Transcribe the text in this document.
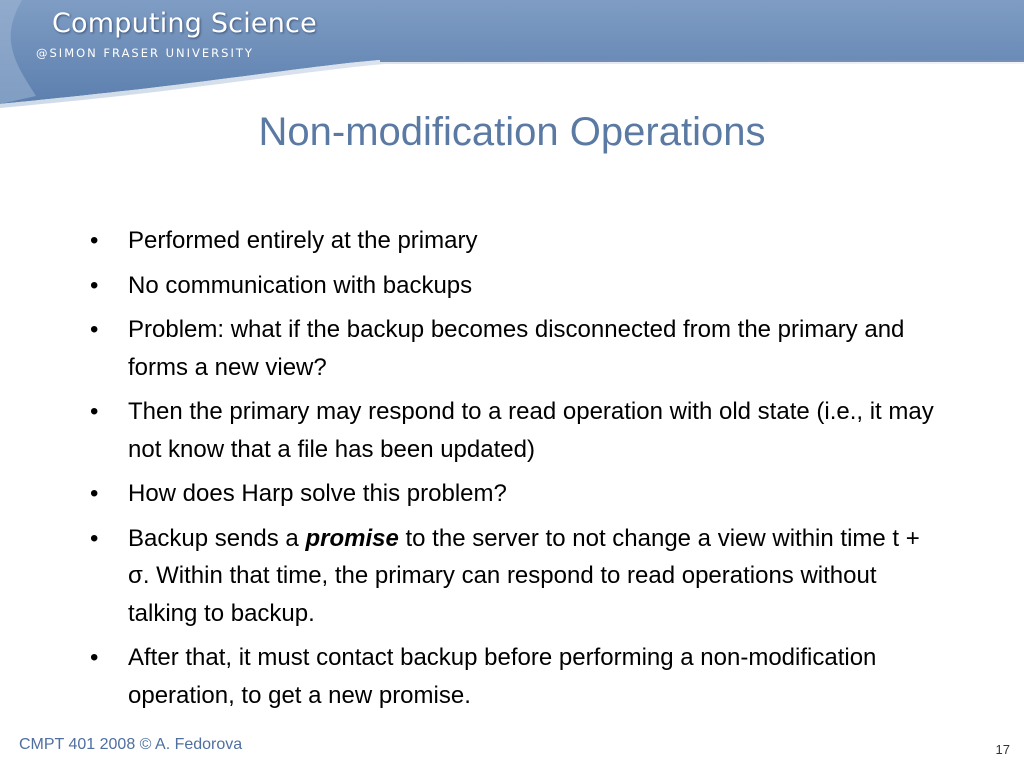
Computing Science
@SIMON FRASER UNIVERSITY
Non-modification Operations
• Performed entirely at the primary
• No communication with backups
• Problem: what if the backup becomes disconnected from the primary and forms a new view?
• Then the primary may respond to a read operation with old state (i.e., it may not know that a file has been updated)
• How does Harp solve this problem?
• Backup sends a promise to the server to not change a view within time t + σ. Within that time, the primary can respond to read operations without talking to backup.
• After that, it must contact backup before performing a non-modification operation, to get a new promise.
CMPT 401 2008 © A. Fedorova	17
